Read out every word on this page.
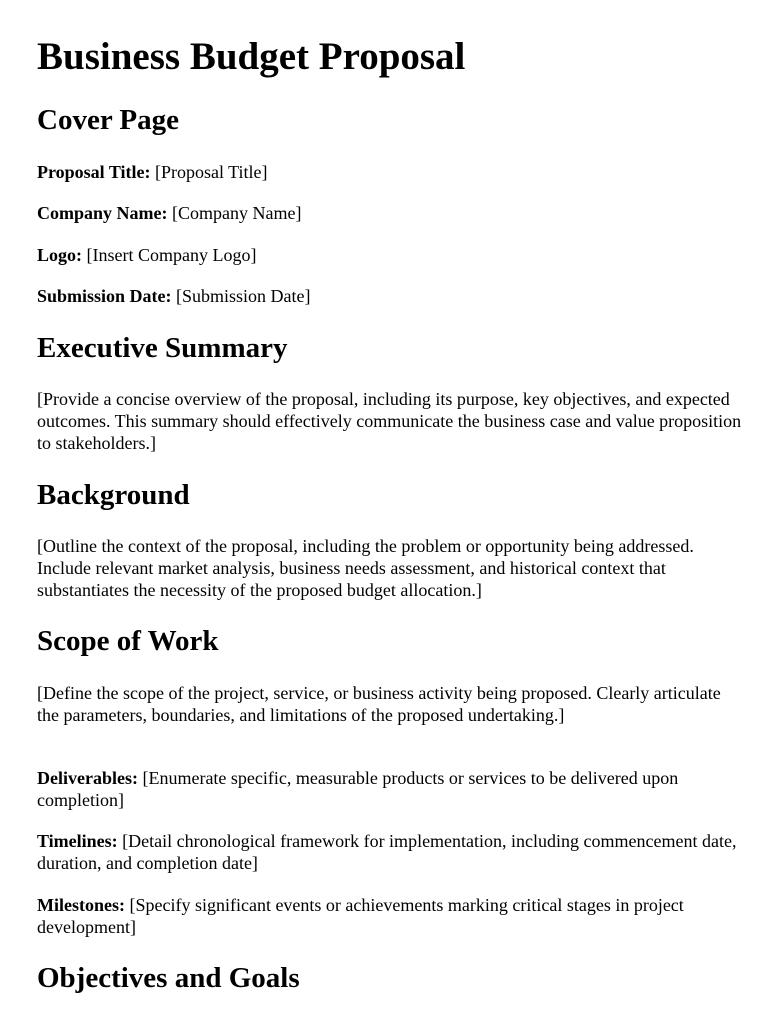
Business Budget Proposal
Cover Page

Proposal Title: [Proposal Title]

Company Name: [Company Name]

Logo: [Insert Company Logo]

Submission Date: [Submission Date]

Executive Summary

[Provide a concise overview of the proposal, including its purpose, key objectives, and expected outcomes. This summary should effectively communicate the business case and value proposition to stakeholders.]

Background

[Outline the context of the proposal, including the problem or opportunity being addressed. Include relevant market analysis, business needs assessment, and historical context that substantiates the necessity of the proposed budget allocation.]

Scope of Work

[Define the scope of the project, service, or business activity being proposed. Clearly articulate the parameters, boundaries, and limitations of the proposed undertaking.]

Deliverables: [Enumerate specific, measurable products or services to be delivered upon completion]

Timelines: [Detail chronological framework for implementation, including commencement date, duration, and completion date]

Milestones: [Specify significant events or achievements marking critical stages in project development]

Objectives and Goals
